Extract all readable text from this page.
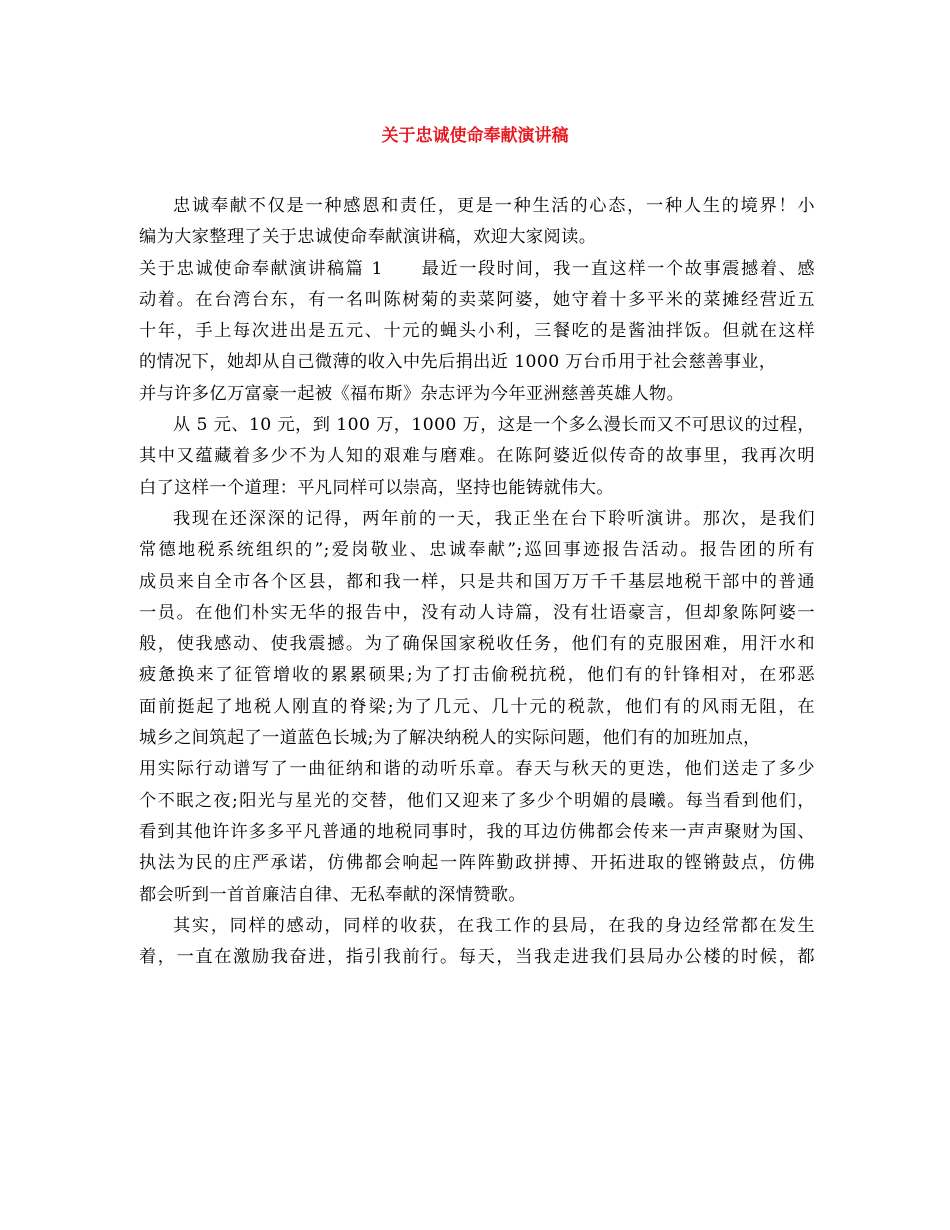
关于忠诚使命奉献演讲稿
忠诚奉献不仅是一种感恩和责任，更是一种生活的心态，一种人生的境界！小
编为大家整理了关于忠诚使命奉献演讲稿，欢迎大家阅读。
关于忠诚使命奉献演讲稿篇 1　　最近一段时间，我一直这样一个故事震撼着、感
动着。在台湾台东，有一名叫陈树菊的卖菜阿婆，她守着十多平米的菜摊经营近五
十年，手上每次进出是五元、十元的蝇头小利，三餐吃的是酱油拌饭。但就在这样
的情况下，她却从自己微薄的收入中先后捐出近 1000 万台币用于社会慈善事业，
并与许多亿万富豪一起被《福布斯》杂志评为今年亚洲慈善英雄人物。
从 5 元、10 元，到 100 万，1000 万，这是一个多么漫长而又不可思议的过程，
其中又蕴藏着多少不为人知的艰难与磨难。在陈阿婆近似传奇的故事里，我再次明
白了这样一个道理：平凡同样可以崇高，坚持也能铸就伟大。
我现在还深深的记得，两年前的一天，我正坐在台下聆听演讲。那次，是我们
常德地税系统组织的”;爱岗敬业、忠诚奉献”;巡回事迹报告活动。报告团的所有
成员来自全市各个区县，都和我一样，只是共和国万万千千基层地税干部中的普通
一员。在他们朴实无华的报告中，没有动人诗篇，没有壮语豪言，但却象陈阿婆一
般，使我感动、使我震撼。为了确保国家税收任务，他们有的克服困难，用汗水和
疲惫换来了征管增收的累累硕果;为了打击偷税抗税，他们有的针锋相对，在邪恶
面前挺起了地税人刚直的脊梁;为了几元、几十元的税款，他们有的风雨无阻，在
城乡之间筑起了一道蓝色长城;为了解决纳税人的实际问题，他们有的加班加点，
用实际行动谱写了一曲征纳和谐的动听乐章。春天与秋天的更迭，他们送走了多少
个不眠之夜;阳光与星光的交替，他们又迎来了多少个明媚的晨曦。每当看到他们，
看到其他许许多多平凡普通的地税同事时，我的耳边仿佛都会传来一声声聚财为国、
执法为民的庄严承诺，仿佛都会响起一阵阵勤政拼搏、开拓进取的铿锵鼓点，仿佛
都会听到一首首廉洁自律、无私奉献的深情赞歌。
其实，同样的感动，同样的收获，在我工作的县局，在我的身边经常都在发生
着，一直在激励我奋进，指引我前行。每天，当我走进我们县局办公楼的时候，都
